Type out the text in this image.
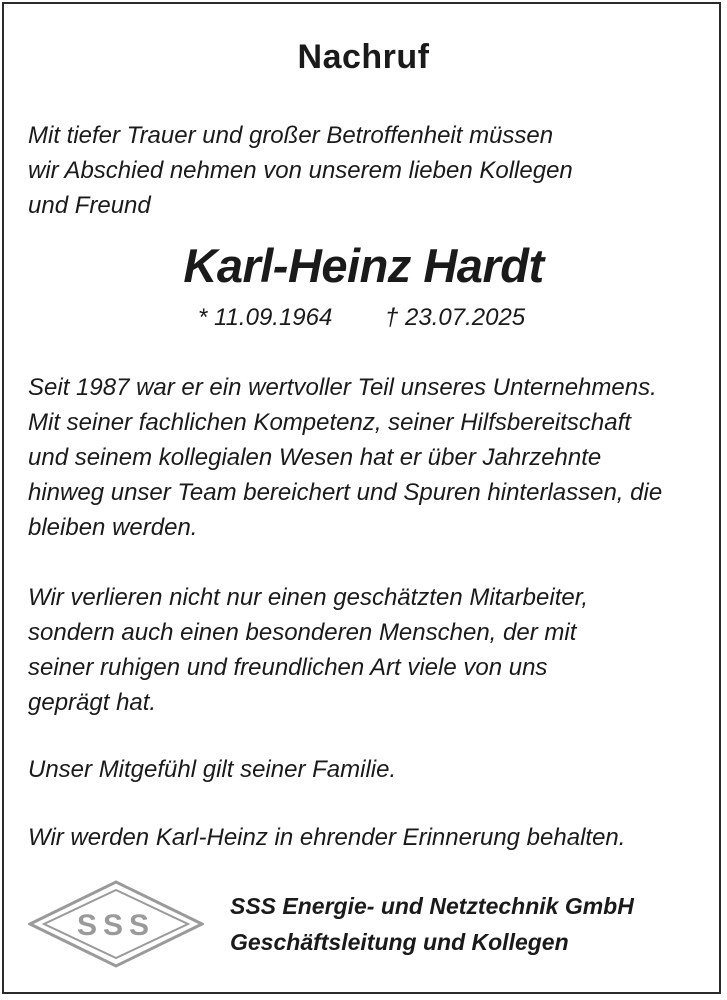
Nachruf
Mit tiefer Trauer und großer Betroffenheit müssen
wir Abschied nehmen von unserem lieben Kollegen
und Freund
Karl-Heinz Hardt
* 11.09.1964 † 23.07.2025
Seit 1987 war er ein wertvoller Teil unseres Unternehmens.
Mit seiner fachlichen Kompetenz, seiner Hilfsbereitschaft
und seinem kollegialen Wesen hat er über Jahrzehnte
hinweg unser Team bereichert und Spuren hinterlassen, die
bleiben werden.
Wir verlieren nicht nur einen geschätzten Mitarbeiter,
sondern auch einen besonderen Menschen, der mit
seiner ruhigen und freundlichen Art viele von uns
geprägt hat.
Unser Mitgefühl gilt seiner Familie.
Wir werden Karl-Heinz in ehrender Erinnerung behalten.
SSS
SSS Energie- und Netztechnik GmbH
Geschäftsleitung und Kollegen
